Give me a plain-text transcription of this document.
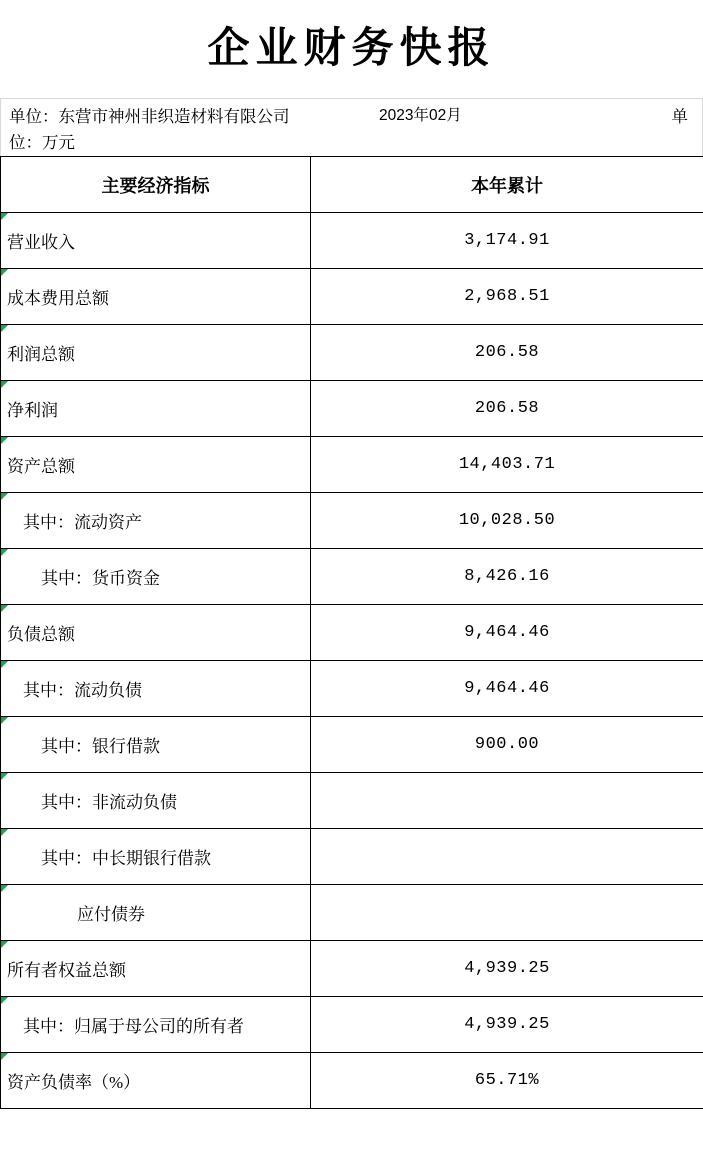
企业财务快报
单位：东营市神州非织造材料有限公司	2023年02月	单
位：万元
主要经济指标	本年累计
营业收入	3,174.91
成本费用总额	2,968.51
利润总额	206.58
净利润	206.58
资产总额	14,403.71
其中：流动资产	10,028.50
其中：货币资金	8,426.16
负债总额	9,464.46
其中：流动负债	9,464.46
其中：银行借款	900.00
其中：非流动负债	
其中：中长期银行借款	
应付债券	
所有者权益总额	4,939.25
其中：归属于母公司的所有者	4,939.25
资产负债率（%）	65.71%
